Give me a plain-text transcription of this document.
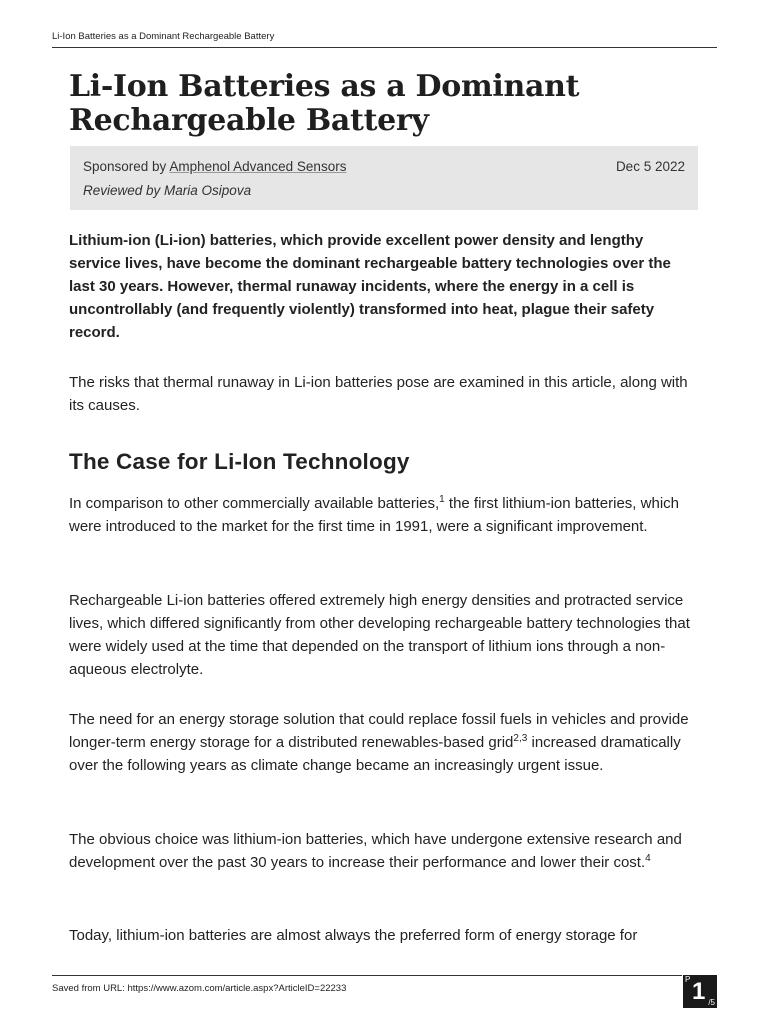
Li-Ion Batteries as a Dominant Rechargeable Battery
Li-Ion Batteries as a Dominant Rechargeable Battery
Sponsored by Amphenol Advanced Sensors	Dec 5 2022
Reviewed by Maria Osipova

Lithium-ion (Li-ion) batteries, which provide excellent power density and lengthy service lives, have become the dominant rechargeable battery technologies over the last 30 years. However, thermal runaway incidents, where the energy in a cell is uncontrollably (and frequently violently) transformed into heat, plague their safety record.

The risks that thermal runaway in Li-ion batteries pose are examined in this article, along with its causes.

The Case for Li-Ion Technology

In comparison to other commercially available batteries,$^1$ the first lithium-ion batteries, which were introduced to the market for the first time in 1991, were a significant improvement.

Rechargeable Li-ion batteries offered extremely high energy densities and protracted service lives, which differed significantly from other developing rechargeable battery technologies that were widely used at the time that depended on the transport of lithium ions through a non-aqueous electrolyte.

The need for an energy storage solution that could replace fossil fuels in vehicles and provide longer-term energy storage for a distributed renewables-based grid$^{2,3}$ increased dramatically over the following years as climate change became an increasingly urgent issue.

The obvious choice was lithium-ion batteries, which have undergone extensive research and development over the past 30 years to increase their performance and lower their cost.$^4$

Today, lithium-ion batteries are almost always the preferred form of energy storage for

Saved from URL: https://www.azom.com/article.aspx?ArticleID=22233
P 1 /5
